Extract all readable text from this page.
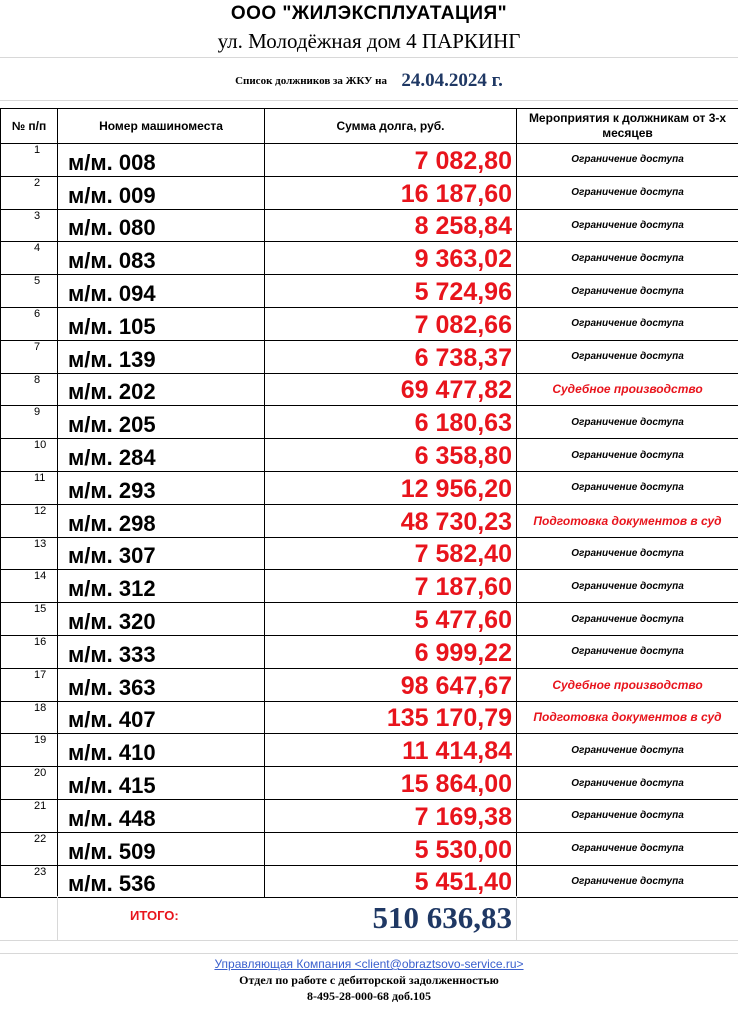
ООО "ЖИЛЭКСПЛУАТАЦИЯ"
ул. Молодёжная дом 4 ПАРКИНГ
Список должников за ЖКУ на 24.04.2024 г.
№ п/п	Номер машиноместа	Сумма долга, руб.	Мероприятия к должникам от 3-х месяцев
1	м/м. 008	7 082,80	Ограничение доступа
2	м/м. 009	16 187,60	Ограничение доступа
3	м/м. 080	8 258,84	Ограничение доступа
4	м/м. 083	9 363,02	Ограничение доступа
5	м/м. 094	5 724,96	Ограничение доступа
6	м/м. 105	7 082,66	Ограничение доступа
7	м/м. 139	6 738,37	Ограничение доступа
8	м/м. 202	69 477,82	Судебное производство
9	м/м. 205	6 180,63	Ограничение доступа
10	м/м. 284	6 358,80	Ограничение доступа
11	м/м. 293	12 956,20	Ограничение доступа
12	м/м. 298	48 730,23	Подготовка документов в суд
13	м/м. 307	7 582,40	Ограничение доступа
14	м/м. 312	7 187,60	Ограничение доступа
15	м/м. 320	5 477,60	Ограничение доступа
16	м/м. 333	6 999,22	Ограничение доступа
17	м/м. 363	98 647,67	Судебное производство
18	м/м. 407	135 170,79	Подготовка документов в суд
19	м/м. 410	11 414,84	Ограничение доступа
20	м/м. 415	15 864,00	Ограничение доступа
21	м/м. 448	7 169,38	Ограничение доступа
22	м/м. 509	5 530,00	Ограничение доступа
23	м/м. 536	5 451,40	Ограничение доступа
ИТОГО:	510 636,83
Управляющая Компания <client@obraztsovo-service.ru>
Отдел по работе с дебиторской задолженностью
8-495-28-000-68 доб.105
